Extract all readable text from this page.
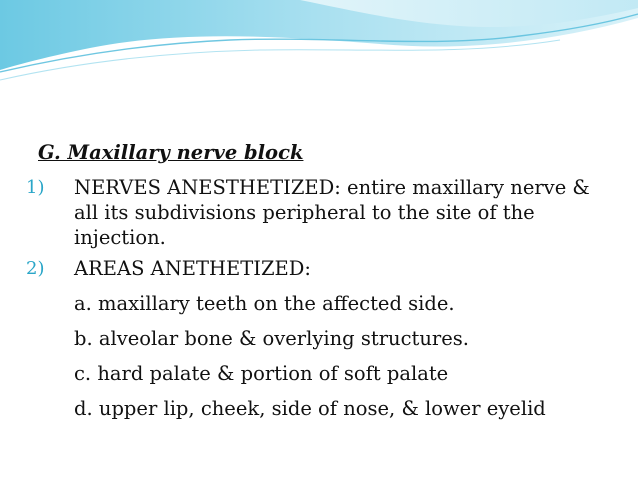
G. Maxillary nerve block
1) NERVES ANESTHETIZED: entire maxillary nerve &
all its subdivisions peripheral to the site of the
injection.
2) AREAS ANETHETIZED:
a. maxillary teeth on the affected side.
b. alveolar bone & overlying structures.
c. hard palate & portion of soft palate
d. upper lip, cheek, side of nose, & lower eyelid
